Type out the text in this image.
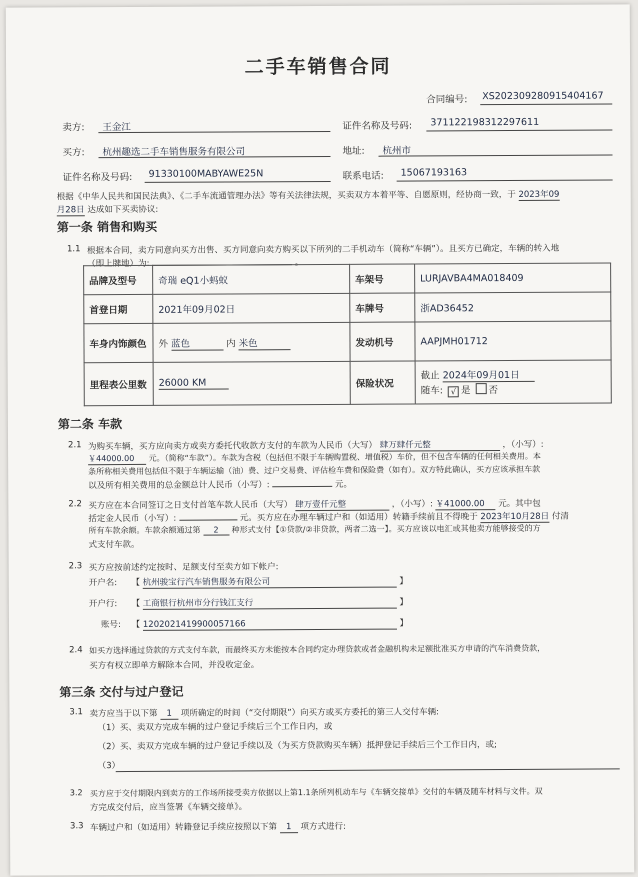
二手车销售合同
合同编号: XS202309280915404167
卖方: 王金江	证件名称及号码: 371122198312297611
买方: 杭州趣选二手车销售服务有限公司	地址: 杭州市
证件名称及号码: 91330100MABYAWE25N	联系电话: 15067193163
根据《中华人民共和国民法典》、《二手车流通管理办法》等有关法律法规，买卖双方本着平等、自愿原则，经协商一致，于 2023年09
月28日 达成如下买卖协议:
第一条 销售和购买
1.1 根据本合同，卖方同意向买方出售、买方同意向卖方购买以下所列的二手机动车（简称“车辆”）。且买方已确定，车辆的转入地
（即上牌地）为:	。
品牌及型号	奇瑞 eQ1小蚂蚁	车架号	LURJAVBA4MA018409
首登日期	2021年09月02日	车牌号	浙AD36452
车身内饰颜色	外 蓝色 内 米色	发动机号	AAPJMH01712
里程表公里数	26000 KM	保险状况	截止 2024年09月01日
随车: √ 是 否
第二条 车款
2.1 为购买车辆，买方应向卖方或卖方委托代收款方支付的车款为人民币（大写） 肆万肆仟元整	，（小写）:
￥44000.00 元。（简称“车款”）。车款为含税（包括但不限于车辆购置税、增值税）车价，但不包含车辆的任何相关费用。本
条所称相关费用包括但不限于车辆运输（油）费、过户交易费、评估检车费和保险费（如有）。双方特此确认，买方应该承担车款
以及所有相关费用的总金额总计人民币（小写）:	元。
2.2 买方应在本合同签订之日支付首笔车款人民币（大写） 肆万壹仟元整	，（小写）: ￥41000.00 元。其中包
括定金人民币（小写）:	元。买方应在办理车辆过户和（如适用）转籍手续前且不得晚于 2023年10月28日 付清
所有车款余额。车款余额通过第 2 种形式支付【①贷款/②非贷款，两者二选一】。买方应该以电汇或其他卖方能够接受的方
式支付车款。
2.3 买方应按前述约定按时、足额支付至卖方如下帐户:
开户名: 【 杭州骏宝行汽车销售服务有限公司	】
开户行: 【 工商银行杭州市分行钱江支行	】
账号: 【 1202021419900057166	】
2.4 如买方选择通过贷款的方式支付车款，而最终买方未能按本合同约定办理贷款或者金融机构未足额批准买方申请的汽车消费贷款，
买方有权立即单方解除本合同，并没收定金。
第三条 交付与过户登记
3.1 卖方应当于以下第 1 项所确定的时间（“交付期限”）向买方或买方委托的第三人交付车辆:
（1）买、卖双方完成车辆的过户登记手续后三个工作日内，或
（2）买、卖双方完成车辆的过户登记手续以及（为买方贷款购买车辆）抵押登记手续后三个工作日内，或;
（3）
3.2 买方应于交付期限内到卖方的工作场所接受卖方依据以上第1.1条所列机动车与《车辆交接单》交付的车辆及随车材料与文件。双
方完成交付后，应当签署《车辆交接单》。
3.3 车辆过户和（如适用）转籍登记手续应按照以下第 1 项方式进行:
